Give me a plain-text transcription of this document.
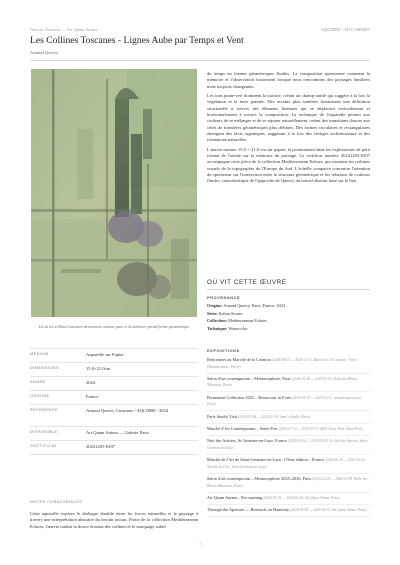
Notices d'œuvres — Art Quam Anima	AQC0800 – NTC-996597
Les Collines Toscanes - Lignes Aube par Temps et Vent
Arnaud Quercy
Là où les collines toscanes deviennent couleur pure et la mémoire prend forme géométrique
MÉDIUM	Aquarelle sur Papier
DIMENSIONS	15.0×21.0cm
ANNÉE	2024
ORIGINE	France
RÉFÉRENCE	Arnaud Quercy Creations / AQC0800 / 2024
DISPONIBLE	Art Quam Anima — Galerie Paris
CERTIFICAT	20241205-0297
NOTES CURATORIALES
Cette aquarelle explore le dialogue durable entre les forces naturelles et le paysage à travers une interprétation abstraite du terrain toscan. Partie de la collection Mediterranean Echoes, l'œuvre traduit la douce érosion des collines et le marquage subtil

du temps en formes géométriques fluides. La composition questionne comment la mémoire et l'observation fusionnent lorsque nous rencontrons des paysages familiers mais toujours changeants.

Les tons jaune-vert dominent la surface, créant un champ unifié qui suggère à la fois la végétation et la terre patinée. Des accents plus sombres fournissent une définition structurelle à travers des éléments linéaires qui se déplacent verticalement et horizontalement à travers la composition. La technique de l'aquarelle permet aux couleurs de se mélanger et de se séparer naturellement, créant des transitions douces aux côtés de frontières géométriques plus définies. Des formes circulaires et rectangulaires émergent des lavis organiques, suggérant à la fois des vestiges architecturaux et des formations naturelles.

L'œuvre mesure 15,0 × 21,0 cm sur papier, la positionnant dans les explorations de petit format de l'artiste sur la mémoire du paysage. Le certificat numéro 20241205-0297 accompagne cette pièce de la collection Mediterranean Echoes, qui examine les rythmes visuels de la topographie de l'Europe du Sud. L'échelle compacte concentre l'attention du spectateur sur l'interaction entre la structure géométrique et les relations de couleurs fluides, caractéristique de l'approche de Quercy du travail abstrait basé sur le lieu.

OÙ VIT CETTE ŒUVRE
PROVENANCE
Origine: Arnaud Quercy, Paris, France, 2024
Série: Italian Stones
Collection: Mediterranean Echoes
Technique: Watercolor
EXPOSITIONS
Rencontres au Marché de la Création (2024-04-23 — 2024-12-31, Marché de la Création - Paris (Montparnasse, Paris))
Salon d'art contemporain – Metamorphose, Paris (2024-10-26 — 2025-01-02, Halle des Blancs Manteaux, Paris)
Permanent Collection 2025 – Bonsecour in Foret (2025-01-07 — 2025-12-31, artaudeaquercy.art, Paris)
Paris Studio Visit (2025-02-18 — 2025-02-28, Anna's Studio, Paris)
Marché d'Art Contemporain – Seine Port (2025-07-12 — 2025-07-17, MAC Seine-Port, Seine-Port)
Nuit des Artistes, St Germain-en-Laye, France (2025-05-24 — 2025-05-25, La Nuit des Artistes, Saint-Germain-en-Laye)
Marché de l'Art de Saint-Germain-en-Laye, 17ème édition – France (2025-06-14 — 2025-06-14, Marché de l'Art, Saint-Germain-en-Laye)
Salon d'art contemporain – Metamorphose 2025–2026, Paris (2025-12-20 — 2026-01-09, Halle des Blancs Manteaux, Paris)
Art Quam Anima – Pre-opening (2026-01-25 — 2026-02-28, Art Quam Anima, Paris)
Through the Aperture — Research on Harmony (2026-03-08 — 2026-04-30, Art Quam Anima, Paris)
1
